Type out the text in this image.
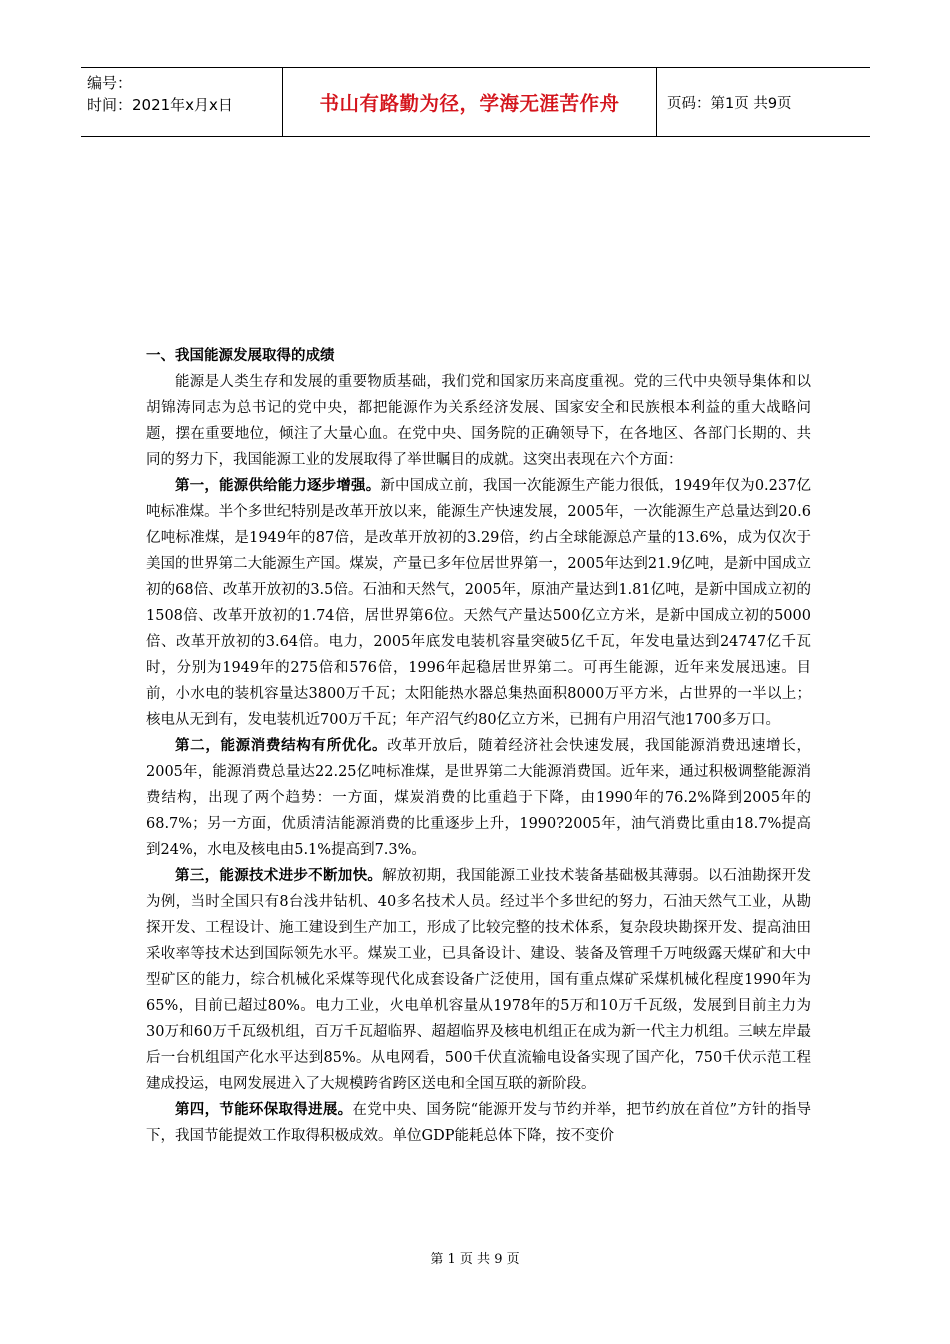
编号：
时间：2021年x月x日	书山有路勤为径，学海无涯苦作舟	页码：第1页 共9页

一、我国能源发展取得的成绩

能源是人类生存和发展的重要物质基础，我们党和国家历来高度重视。党的三代中央领导集体和以胡锦涛同志为总书记的党中央，都把能源作为关系经济发展、国家安全和民族根本利益的重大战略问题，摆在重要地位，倾注了大量心血。在党中央、国务院的正确领导下，在各地区、各部门长期的、共同的努力下，我国能源工业的发展取得了举世瞩目的成就。这突出表现在六个方面：

第一，能源供给能力逐步增强。新中国成立前，我国一次能源生产能力很低，1949年仅为0.237亿吨标准煤。半个多世纪特别是改革开放以来，能源生产快速发展，2005年，一次能源生产总量达到20.6亿吨标准煤，是1949年的87倍，是改革开放初的3.29倍，约占全球能源总产量的13.6%，成为仅次于美国的世界第二大能源生产国。煤炭，产量已多年位居世界第一，2005年达到21.9亿吨，是新中国成立初的68倍、改革开放初的3.5倍。石油和天然气，2005年，原油产量达到1.81亿吨，是新中国成立初的1508倍、改革开放初的1.74倍，居世界第6位。天然气产量达500亿立方米，是新中国成立初的5000倍、改革开放初的3.64倍。电力，2005年底发电装机容量突破5亿千瓦，年发电量达到24747亿千瓦时，分别为1949年的275倍和576倍，1996年起稳居世界第二。可再生能源，近年来发展迅速。目前，小水电的装机容量达3800万千瓦；太阳能热水器总集热面积8000万平方米，占世界的一半以上；核电从无到有，发电装机近700万千瓦；年产沼气约80亿立方米，已拥有户用沼气池1700多万口。

第二，能源消费结构有所优化。改革开放后，随着经济社会快速发展，我国能源消费迅速增长，2005年，能源消费总量达22.25亿吨标准煤，是世界第二大能源消费国。近年来，通过积极调整能源消费结构，出现了两个趋势：一方面，煤炭消费的比重趋于下降，由1990年的76.2%降到2005年的68.7%；另一方面，优质清洁能源消费的比重逐步上升，1990?2005年，油气消费比重由18.7%提高到24%，水电及核电由5.1%提高到7.3%。

第三，能源技术进步不断加快。解放初期，我国能源工业技术装备基础极其薄弱。以石油勘探开发为例，当时全国只有8台浅井钻机、40多名技术人员。经过半个多世纪的努力，石油天然气工业，从勘探开发、工程设计、施工建设到生产加工，形成了比较完整的技术体系，复杂段块勘探开发、提高油田采收率等技术达到国际领先水平。煤炭工业，已具备设计、建设、装备及管理千万吨级露天煤矿和大中型矿区的能力，综合机械化采煤等现代化成套设备广泛使用，国有重点煤矿采煤机械化程度1990年为65%，目前已超过80%。电力工业，火电单机容量从1978年的5万和10万千瓦级，发展到目前主力为30万和60万千瓦级机组，百万千瓦超临界、超超临界及核电机组正在成为新一代主力机组。三峡左岸最后一台机组国产化水平达到85%。从电网看，500千伏直流输电设备实现了国产化，750千伏示范工程建成投运，电网发展进入了大规模跨省跨区送电和全国互联的新阶段。

第四，节能环保取得进展。在党中央、国务院“能源开发与节约并举，把节约放在首位”方针的指导下，我国节能提效工作取得积极成效。单位GDP能耗总体下降，按不变价

第 1 页 共 9 页
